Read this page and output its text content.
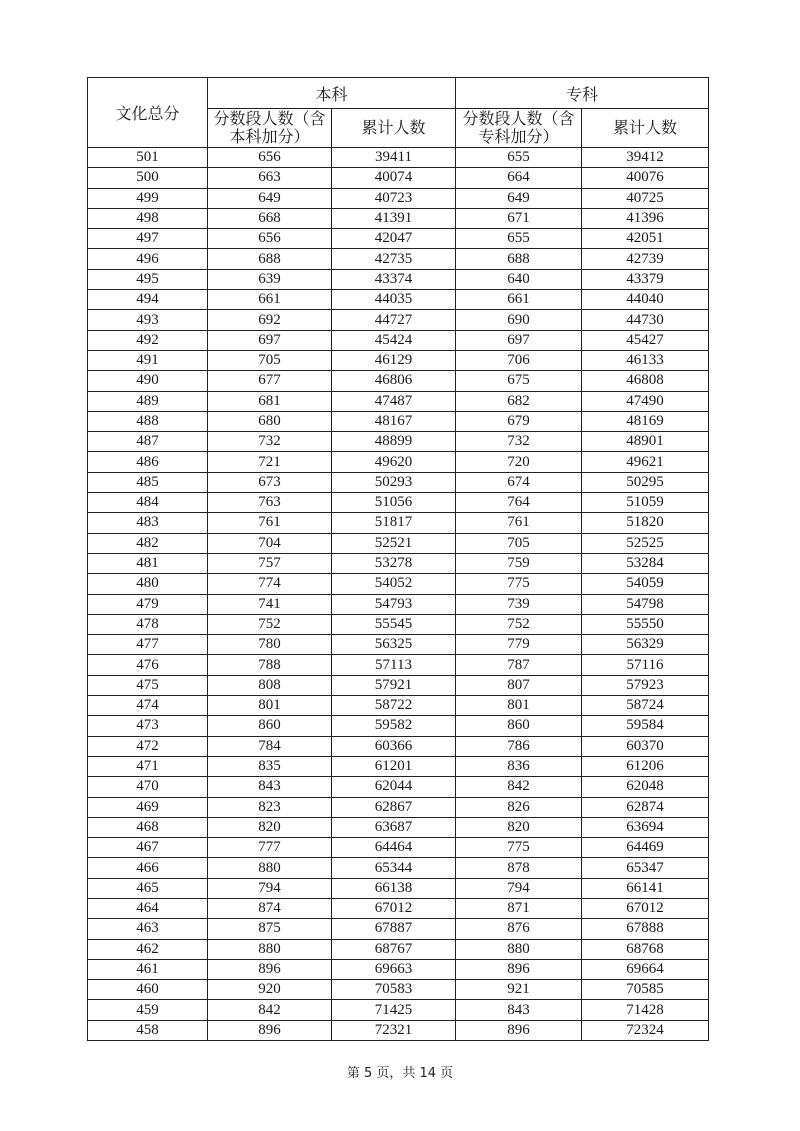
文化总分	本科		专科	
	分数段人数（含本科加分）	累计人数	分数段人数（含专科加分）	累计人数
501	656	39411	655	39412
500	663	40074	664	40076
499	649	40723	649	40725
498	668	41391	671	41396
497	656	42047	655	42051
496	688	42735	688	42739
495	639	43374	640	43379
494	661	44035	661	44040
493	692	44727	690	44730
492	697	45424	697	45427
491	705	46129	706	46133
490	677	46806	675	46808
489	681	47487	682	47490
488	680	48167	679	48169
487	732	48899	732	48901
486	721	49620	720	49621
485	673	50293	674	50295
484	763	51056	764	51059
483	761	51817	761	51820
482	704	52521	705	52525
481	757	53278	759	53284
480	774	54052	775	54059
479	741	54793	739	54798
478	752	55545	752	55550
477	780	56325	779	56329
476	788	57113	787	57116
475	808	57921	807	57923
474	801	58722	801	58724
473	860	59582	860	59584
472	784	60366	786	60370
471	835	61201	836	61206
470	843	62044	842	62048
469	823	62867	826	62874
468	820	63687	820	63694
467	777	64464	775	64469
466	880	65344	878	65347
465	794	66138	794	66141
464	874	67012	871	67012
463	875	67887	876	67888
462	880	68767	880	68768
461	896	69663	896	69664
460	920	70583	921	70585
459	842	71425	843	71428
458	896	72321	896	72324
第 5 页，共 14 页
